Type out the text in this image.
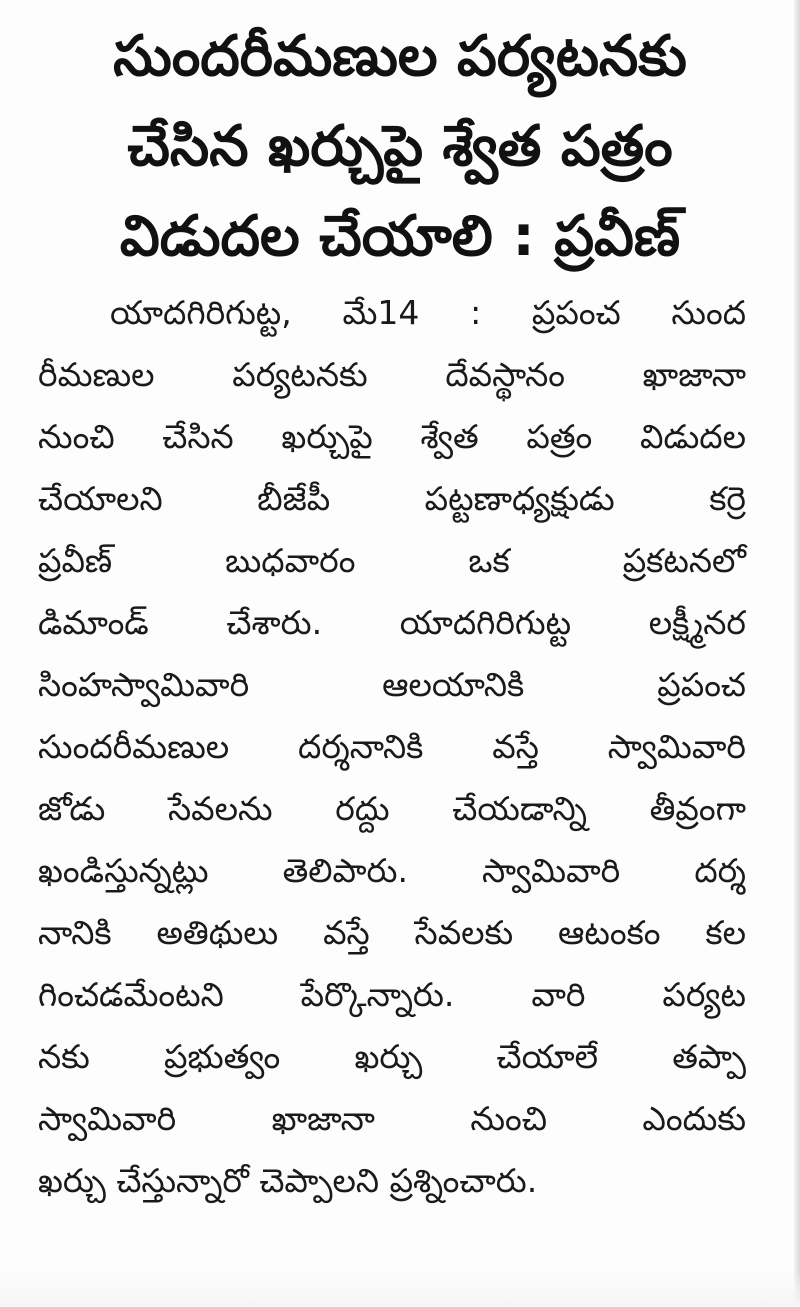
సుందరీమణుల పర్యటనకు
చేసిన ఖర్చుపై శ్వేత పత్రం
విడుదల చేయాలి : ప్రవీణ్
యాదగిరిగుట్ట, మే14 : ప్రపంచ సుంద
రీమణుల పర్యటనకు దేవస్థానం ఖాజానా
నుంచి చేసిన ఖర్చుపై శ్వేత పత్రం విడుదల
చేయాలని బీజేపీ పట్టణాధ్యక్షుడు కర్రె
ప్రవీణ్ బుధవారం ఒక ప్రకటనలో
డిమాండ్ చేశారు. యాదగిరిగుట్ట లక్ష్మీనర
సింహస్వామివారి ఆలయానికి ప్రపంచ
సుందరీమణుల దర్శనానికి వస్తే స్వామివారి
జోడు సేవలను రద్దు చేయడాన్ని తీవ్రంగా
ఖండిస్తున్నట్లు తెలిపారు. స్వామివారి దర్శ
నానికి అతిథులు వస్తే సేవలకు ఆటంకం కల
గించడమేంటని పేర్కొన్నారు. వారి పర్యట
నకు ప్రభుత్వం ఖర్చు చేయాలే తప్పా
స్వామివారి ఖాజానా నుంచి ఎందుకు
ఖర్చు చేస్తున్నారో చెప్పాలని ప్రశ్నించారు.
